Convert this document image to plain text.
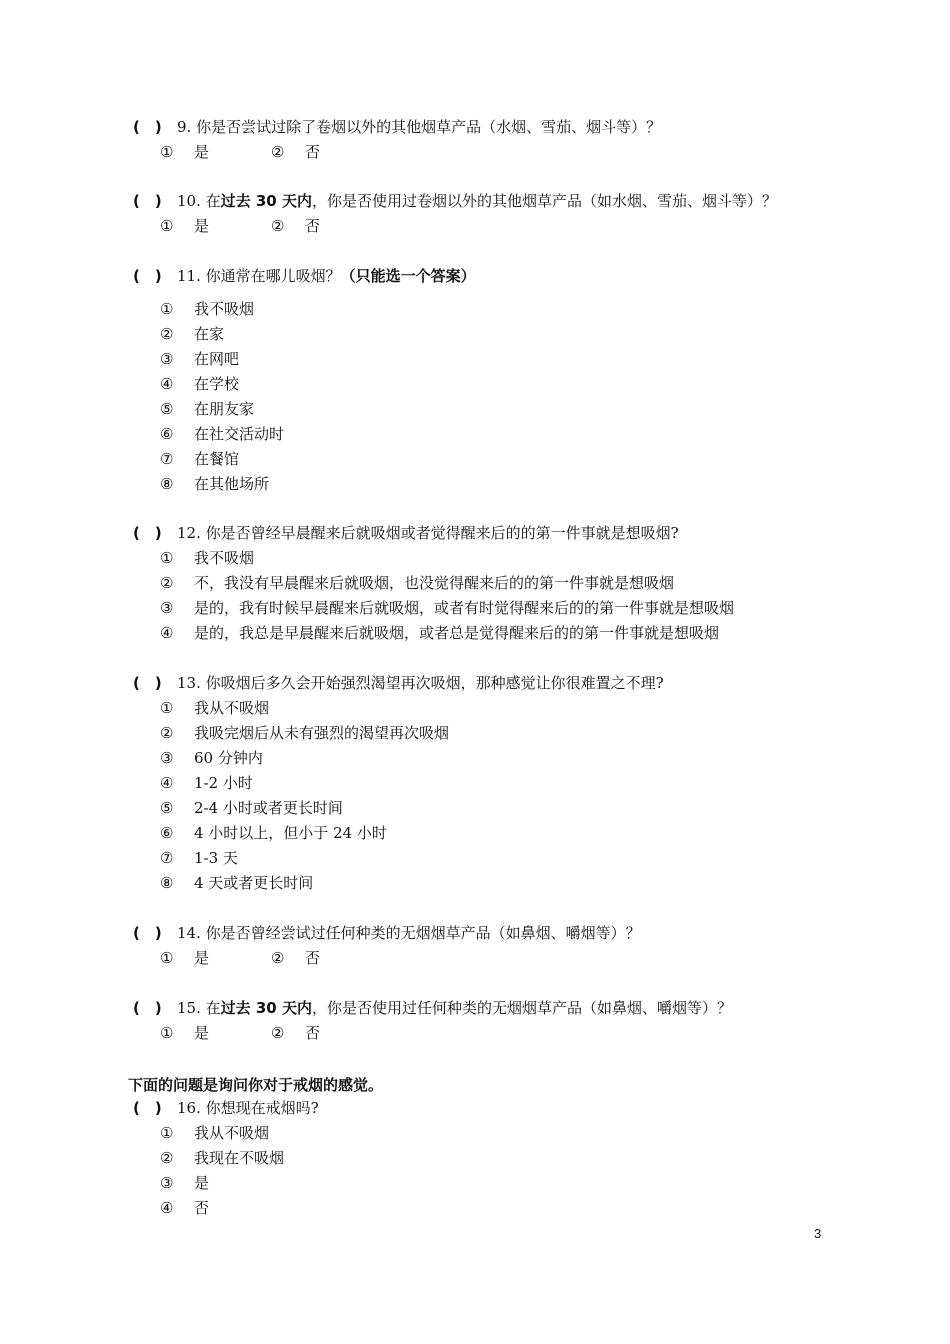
(　) 9. 你是否尝试过除了卷烟以外的其他烟草产品（水烟、雪茄、烟斗等）？
① 是	② 否
(　) 10. 在过去 30 天内，你是否使用过卷烟以外的其他烟草产品（如水烟、雪茄、烟斗等）？
① 是	② 否
(　) 11. 你通常在哪儿吸烟？（只能选一个答案）
① 我不吸烟
② 在家
③ 在网吧
④ 在学校
⑤ 在朋友家
⑥ 在社交活动时
⑦ 在餐馆
⑧ 在其他场所
(　) 12. 你是否曾经早晨醒来后就吸烟或者觉得醒来后的的第一件事就是想吸烟?
① 我不吸烟
② 不，我没有早晨醒来后就吸烟，也没觉得醒来后的的第一件事就是想吸烟
③ 是的，我有时候早晨醒来后就吸烟，或者有时觉得醒来后的的第一件事就是想吸烟
④ 是的，我总是早晨醒来后就吸烟，或者总是觉得醒来后的的第一件事就是想吸烟
(　) 13. 你吸烟后多久会开始强烈渴望再次吸烟，那种感觉让你很难置之不理?
① 我从不吸烟
② 我吸完烟后从未有强烈的渴望再次吸烟
③ 60 分钟内
④ 1-2 小时
⑤ 2-4 小时或者更长时间
⑥ 4 小时以上，但小于 24 小时
⑦ 1-3 天
⑧ 4 天或者更长时间
(　) 14. 你是否曾经尝试过任何种类的无烟烟草产品（如鼻烟、嚼烟等）？
① 是	② 否
(　) 15. 在过去 30 天内，你是否使用过任何种类的无烟烟草产品（如鼻烟、嚼烟等）？
① 是	② 否
下面的问题是询问你对于戒烟的感觉。
(　) 16. 你想现在戒烟吗?
① 我从不吸烟
② 我现在不吸烟
③ 是
④ 否
3
